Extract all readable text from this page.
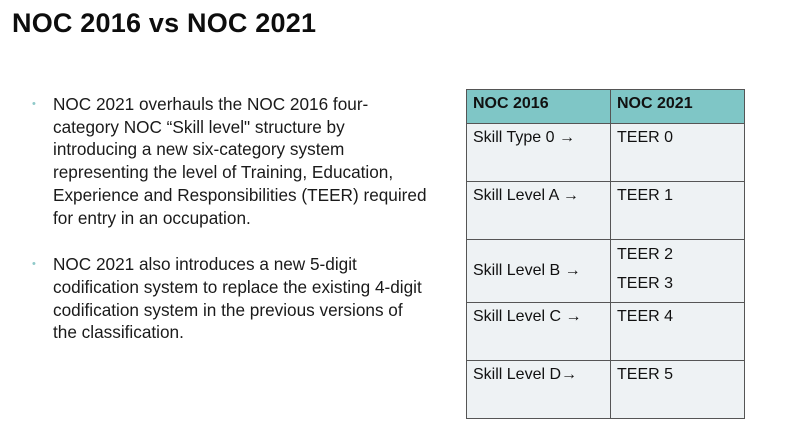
NOC 2016 vs NOC 2021
• NOC 2021 overhauls the NOC 2016 four-category NOC “Skill level" structure by introducing a new six-category system representing the level of Training, Education, Experience and Responsibilities (TEER) required for entry in an occupation.
• NOC 2021 also introduces a new 5-digit codification system to replace the existing 4-digit codification system in the previous versions of the classification.
NOC 2016	NOC 2021
Skill Type 0 →	TEER 0
Skill Level A →	TEER 1
Skill Level B →	TEER 2
TEER 3

Skill Level C →	TEER 4
Skill Level D→	TEER 5
